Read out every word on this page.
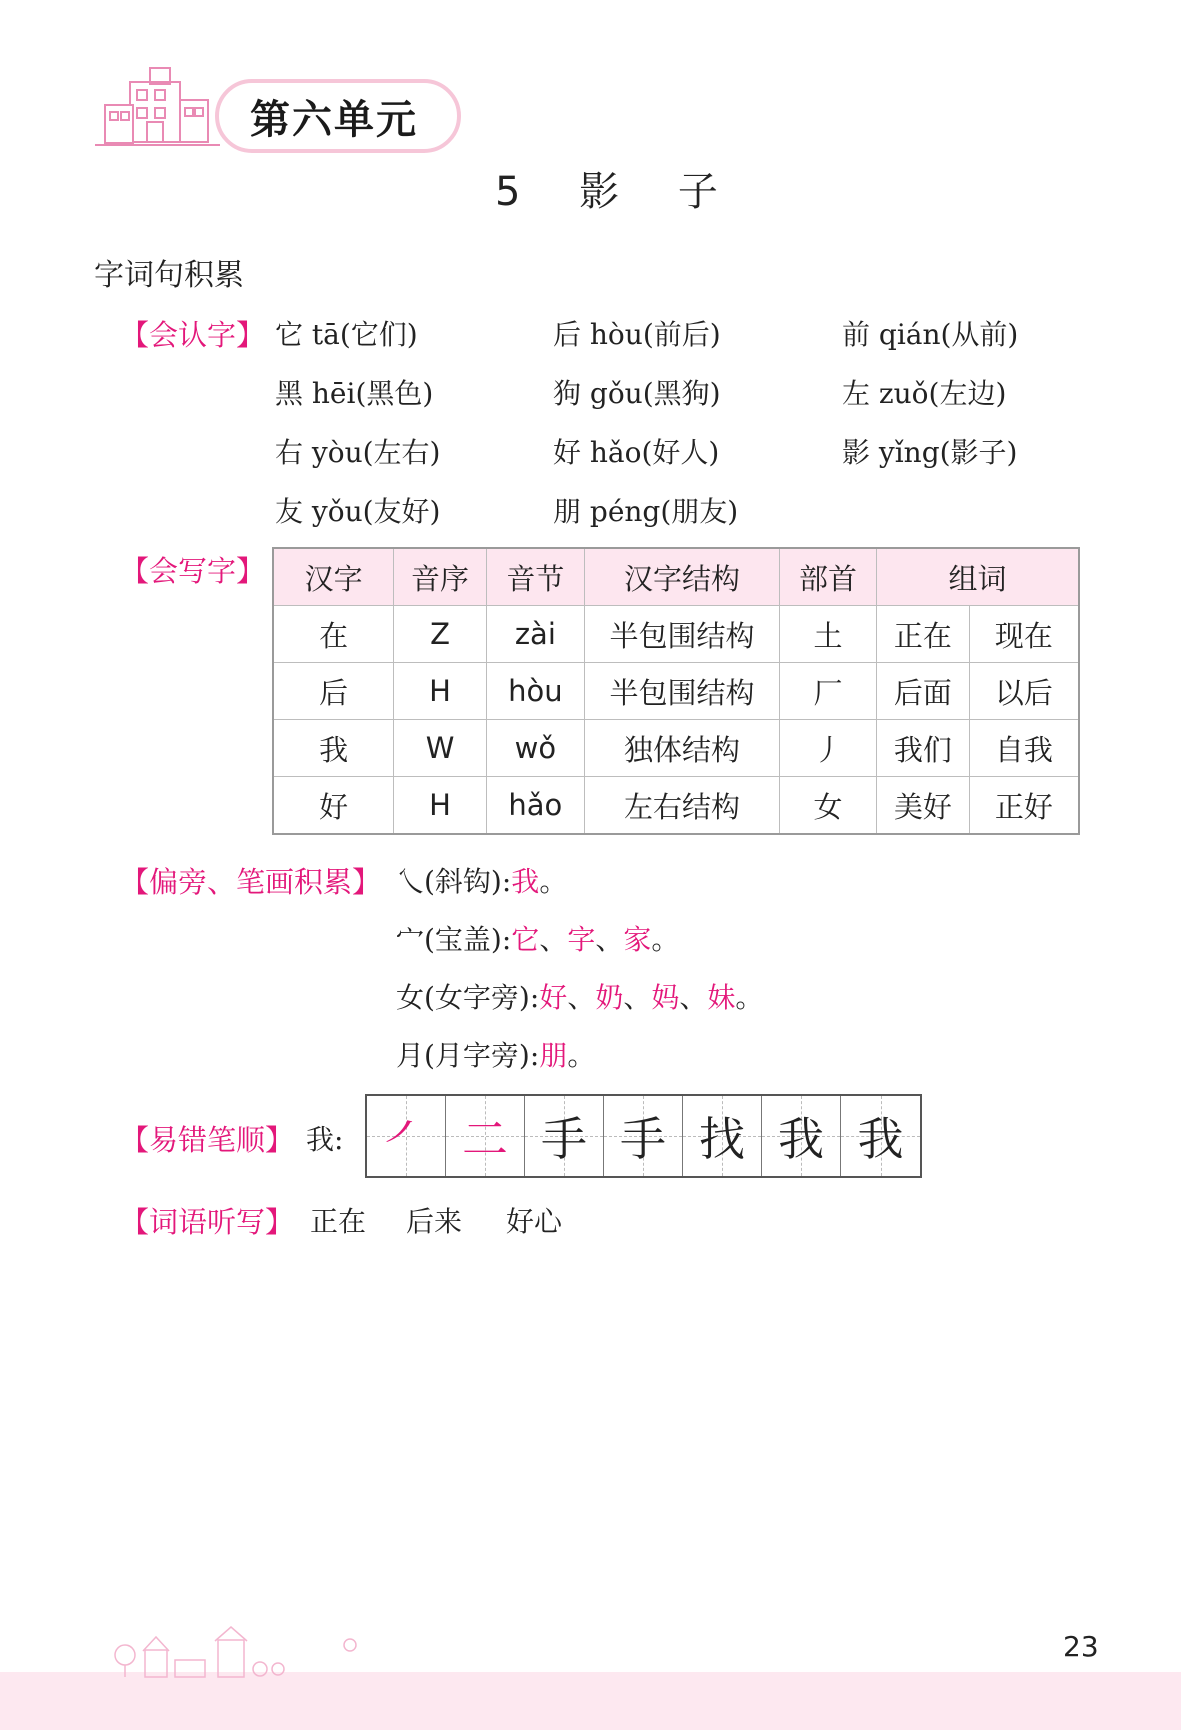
第六单元
5 影 子
字词句积累
【会认字】 它 tā(它们)	后 hòu(前后)	前 qián(从前)
黑 hēi(黑色)	狗 gǒu(黑狗)	左 zuǒ(左边)
右 yòu(左右)	好 hǎo(好人)	影 yǐng(影子)
友 yǒu(友好)	朋 péng(朋友)
【会写字】 汉字	音序	音节	汉字结构	部首	组词	
在	Z	zài	半包围结构	土	正在	现在
后	H	hòu	半包围结构	厂	后面	以后
我	W	wǒ	独体结构	丿	我们	自我
好	H	hǎo	左右结构	女	美好	正好
【偏旁、笔画积累】 乀(斜钩):我。
宀(宝盖):它、字、家。
女(女字旁):好、奶、妈、妹。
月(月字旁):朋。
【易错笔顺】 我: ㇒ 二 手 手 找 我 我
【词语听写】 正在 后来 好心
23
